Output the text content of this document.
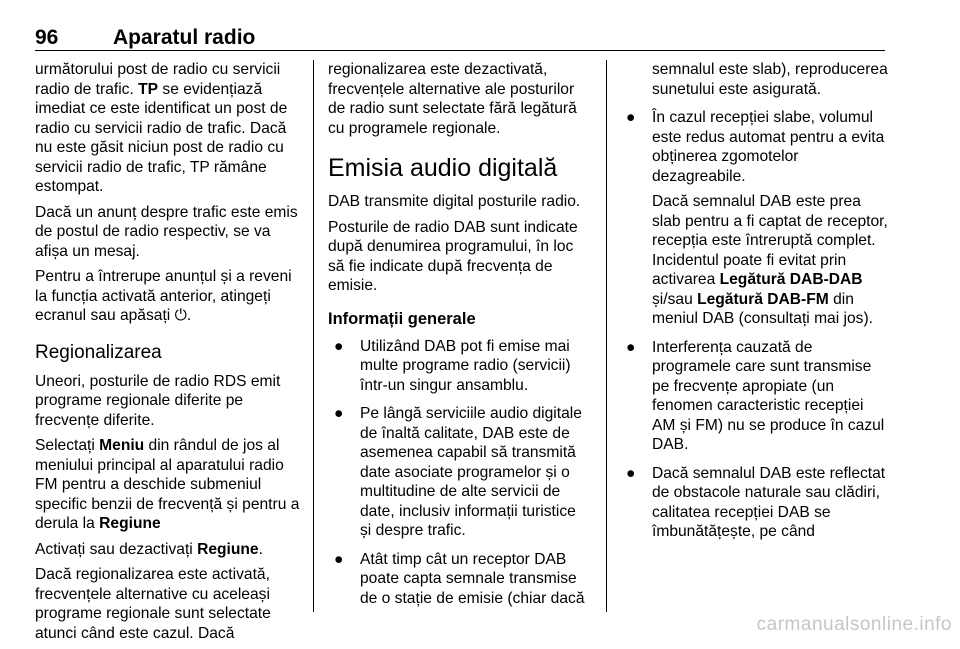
96	Aparatul radio

următorului post de radio cu servicii radio de trafic. TP se evidențiază imediat ce este identificat un post de radio cu servicii radio de trafic. Dacă nu este găsit niciun post de radio cu servicii radio de trafic, TP rămâne estompat.

Dacă un anunț despre trafic este emis de postul de radio respectiv, se va afișa un mesaj.

Pentru a întrerupe anunțul și a reveni la funcția activată anterior, atingeți ecranul sau apăsați ⏻.

Regionalizarea

Uneori, posturile de radio RDS emit programe regionale diferite pe frecvențe diferite.

Selectați Meniu din rândul de jos al meniului principal al aparatului radio FM pentru a deschide submeniul specific benzii de frecvență și pentru a derula la Regiune

Activați sau dezactivați Regiune.

Dacă regionalizarea este activată, frecvențele alternative cu aceleași programe regionale sunt selectate atunci când este cazul. Dacă

regionalizarea este dezactivată, frecvențele alternative ale posturilor de radio sunt selectate fără legătură cu programele regionale.

Emisia audio digitală

DAB transmite digital posturile radio.

Posturile de radio DAB sunt indicate după denumirea programului, în loc să fie indicate după frecvența de emisie.

Informații generale
● Utilizând DAB pot fi emise mai multe programe radio (servicii) într-un singur ansamblu.
● Pe lângă serviciile audio digitale de înaltă calitate, DAB este de asemenea capabil să transmită date asociate programelor și o multitudine de alte servicii de date, inclusiv informații turistice și despre trafic.
● Atât timp cât un receptor DAB poate capta semnale transmise de o stație de emisie (chiar dacă
semnalul este slab), reproducerea sunetului este asigurată.
● În cazul recepției slabe, volumul este redus automat pentru a evita obținerea zgomotelor dezagreabile.
Dacă semnalul DAB este prea slab pentru a fi captat de receptor, recepția este întreruptă complet. Incidentul poate fi evitat prin activarea Legătură DAB-DAB și/sau Legătură DAB-FM din meniul DAB (consultați mai jos).
● Interferența cauzată de programele care sunt transmise pe frecvențe apropiate (un fenomen caracteristic recepției AM și FM) nu se produce în cazul DAB.
● Dacă semnalul DAB este reflectat de obstacole naturale sau clădiri, calitatea recepției DAB se îmbunătățește, pe când
carmanualsonline.info
